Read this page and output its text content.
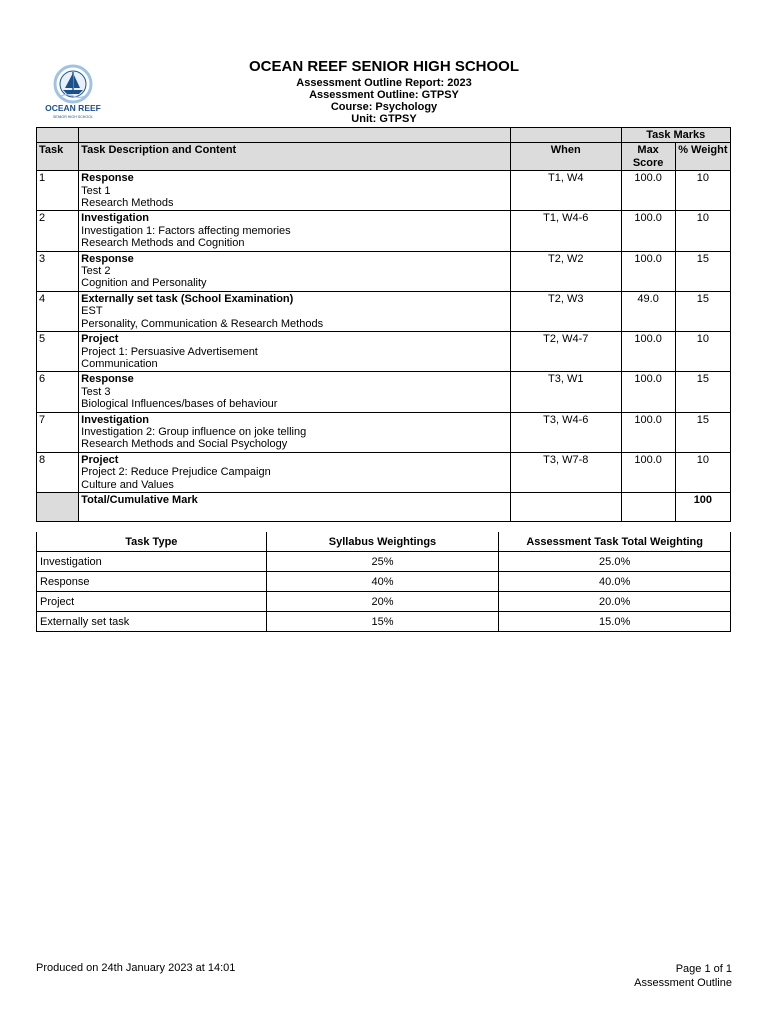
OCEAN REEF
SENIOR HIGH SCHOOL
OCEAN REEF SENIOR HIGH SCHOOL
Assessment Outline Report: 2023
Assessment Outline: GTPSY
Course: Psychology
Unit: GTPSY
			Task Marks	
Task	Task Description and Content	When	Max Score	% Weight
1	Response
Test 1
Research Methods	T1, W4	100.0	10
2	Investigation
Investigation 1: Factors affecting memories
Research Methods and Cognition	T1, W4-6	100.0	10
3	Response
Test 2
Cognition and Personality	T2, W2	100.0	15
4	Externally set task (School Examination)
EST
Personality, Communication & Research Methods	T2, W3	49.0	15
5	Project
Project 1: Persuasive Advertisement
Communication	T2, W4-7	100.0	10
6	Response
Test 3
Biological Influences/bases of behaviour	T3, W1	100.0	15
7	Investigation
Investigation 2: Group influence on joke telling
Research Methods and Social Psychology	T3, W4-6	100.0	15
8	Project
Project 2: Reduce Prejudice Campaign
Culture and Values	T3, W7-8	100.0	10
	Total/Cumulative Mark			100
Task Type	Syllabus Weightings	Assessment Task Total Weighting
Investigation	25%	25.0%
Response	40%	40.0%
Project	20%	20.0%
Externally set task	15%	15.0%
Produced on 24th January 2023 at 14:01	Page 1 of 1
Assessment Outline
